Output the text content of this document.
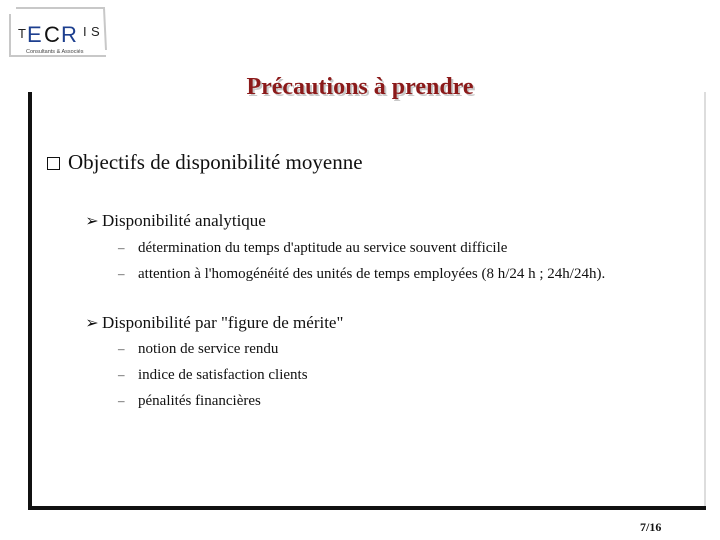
T E C R I S
Consultants & Associés
Précautions à prendre
Objectifs de disponibilité moyenne
➢ Disponibilité analytique
– détermination du temps d'aptitude au service souvent difficile
– attention à l'homogénéité des unités de temps employées (8 h/24 h ; 24h/24h).
➢ Disponibilité par "figure de mérite"
– notion de service rendu
– indice de satisfaction clients
– pénalités financières
7/16
